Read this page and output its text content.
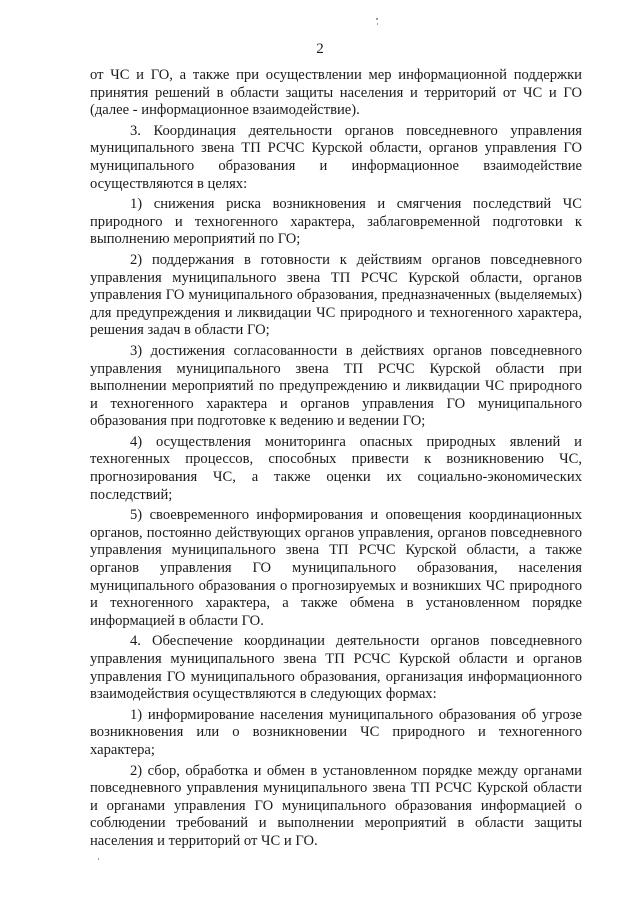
2

от ЧС и ГО, а также при осуществлении мер информационной поддержки принятия решений в области защиты населения и территорий от ЧС и ГО (далее - информационное взаимодействие).

3. Координация деятельности органов повседневного управления муниципального звена ТП РСЧС Курской области, органов управления ГО муниципального образования и информационное взаимодействие осуществляются в целях:

1) снижения риска возникновения и смягчения последствий ЧС природного и техногенного характера, заблаговременной подготовки к выполнению мероприятий по ГО;

2) поддержания в готовности к действиям органов повседневного управления муниципального звена ТП РСЧС Курской области, органов управления ГО муниципального образования, предназначенных (выделяемых) для предупреждения и ликвидации ЧС природного и техногенного характера, решения задач в области ГО;

3) достижения согласованности в действиях органов повседневного управления муниципального звена ТП РСЧС Курской области при выполнении мероприятий по предупреждению и ликвидации ЧС природного и техногенного характера и органов управления ГО муниципального образования при подготовке к ведению и ведении ГО;

4) осуществления мониторинга опасных природных явлений и техногенных процессов, способных привести к возникновению ЧС, прогнозирования ЧС, а также оценки их социально-экономических последствий;

5) своевременного информирования и оповещения координационных органов, постоянно действующих органов управления, органов повседневного управления муниципального звена ТП РСЧС Курской области, а также органов управления ГО муниципального образования, населения муниципального образования о прогнозируемых и возникших ЧС природного и техногенного характера, а также обмена в установленном порядке информацией в области ГО.

4. Обеспечение координации деятельности органов повседневного управления муниципального звена ТП РСЧС Курской области и органов управления ГО муниципального образования, организация информационного взаимодействия осуществляются в следующих формах:

1) информирование населения муниципального образования об угрозе возникновения или о возникновении ЧС природного и техногенного характера;

2) сбор, обработка и обмен в установленном порядке между органами повседневного управления муниципального звена ТП РСЧС Курской области и органами управления ГО муниципального образования информацией о соблюдении требований и выполнении мероприятий в области защиты населения и территорий от ЧС и ГО.
